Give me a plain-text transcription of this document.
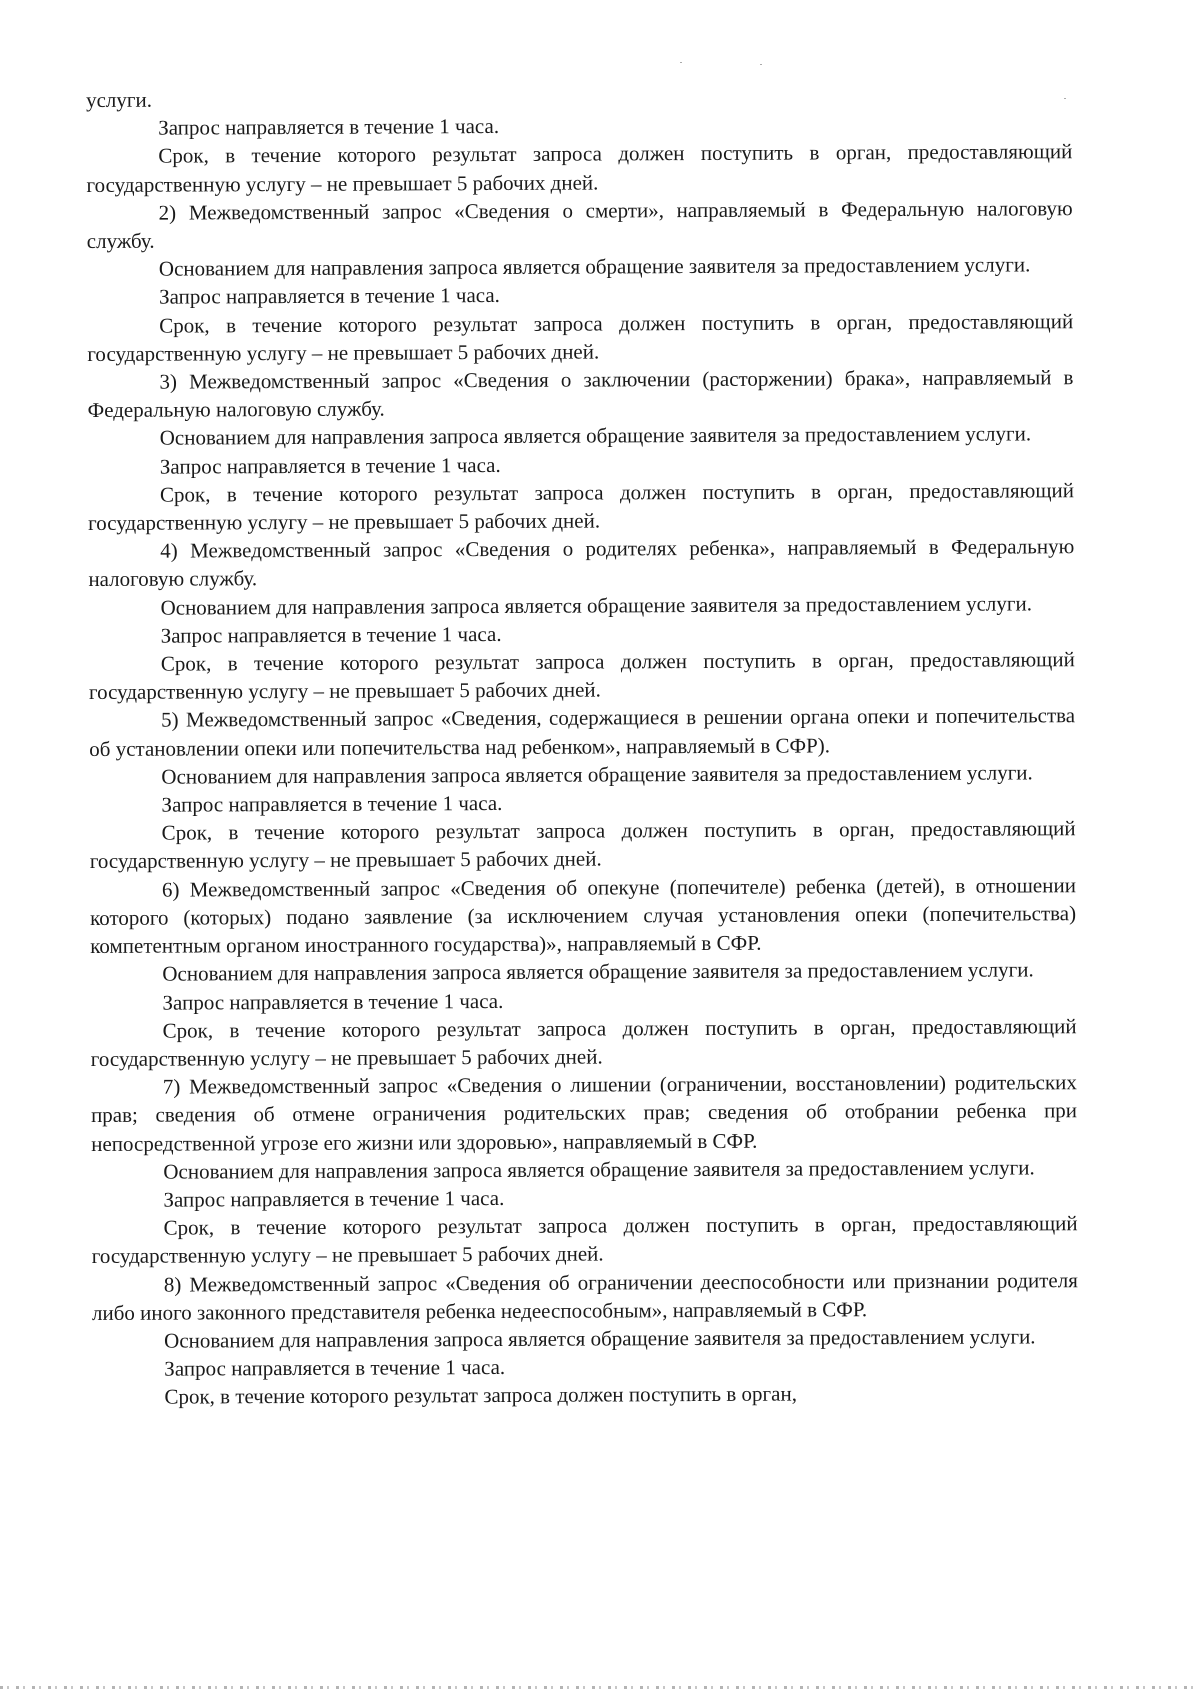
услуги.

Запрос направляется в течение 1 часа.

Срок, в течение которого результат запроса должен поступить в орган, предоставляющий государственную услугу – не превышает 5 рабочих дней.

2) Межведомственный запрос «Сведения о смерти», направляемый в Федеральную налоговую службу.

Основанием для направления запроса является обращение заявителя за предоставлением услуги.

Запрос направляется в течение 1 часа.

Срок, в течение которого результат запроса должен поступить в орган, предоставляющий государственную услугу – не превышает 5 рабочих дней.

3) Межведомственный запрос «Сведения о заключении (расторжении) брака», направляемый в Федеральную налоговую службу.

Основанием для направления запроса является обращение заявителя за предоставлением услуги.

Запрос направляется в течение 1 часа.

Срок, в течение которого результат запроса должен поступить в орган, предоставляющий государственную услугу – не превышает 5 рабочих дней.

4) Межведомственный запрос «Сведения о родителях ребенка», направляемый в Федеральную налоговую службу.

Основанием для направления запроса является обращение заявителя за предоставлением услуги.

Запрос направляется в течение 1 часа.

Срок, в течение которого результат запроса должен поступить в орган, предоставляющий государственную услугу – не превышает 5 рабочих дней.

5) Межведомственный запрос «Сведения, содержащиеся в решении органа опеки и попечительства об установлении опеки или попечительства над ребенком», направляемый в СФР).

Основанием для направления запроса является обращение заявителя за предоставлением услуги.

Запрос направляется в течение 1 часа.

Срок, в течение которого результат запроса должен поступить в орган, предоставляющий государственную услугу – не превышает 5 рабочих дней.

6) Межведомственный запрос «Сведения об опекуне (попечителе) ребенка (детей), в отношении которого (которых) подано заявление (за исключением случая установления опеки (попечительства) компетентным органом иностранного государства)», направляемый в СФР.

Основанием для направления запроса является обращение заявителя за предоставлением услуги.

Запрос направляется в течение 1 часа.

Срок, в течение которого результат запроса должен поступить в орган, предоставляющий государственную услугу – не превышает 5 рабочих дней.

7) Межведомственный запрос «Сведения о лишении (ограничении, восстановлении) родительских прав; сведения об отмене ограничения родительских прав; сведения об отобрании ребенка при непосредственной угрозе его жизни или здоровью», направляемый в СФР.

Основанием для направления запроса является обращение заявителя за предоставлением услуги.

Запрос направляется в течение 1 часа.

Срок, в течение которого результат запроса должен поступить в орган, предоставляющий государственную услугу – не превышает 5 рабочих дней.

8) Межведомственный запрос «Сведения об ограничении дееспособности или признании родителя либо иного законного представителя ребенка недееспособным», направляемый в СФР.

Основанием для направления запроса является обращение заявителя за предоставлением услуги.

Запрос направляется в течение 1 часа.

Срок, в течение которого результат запроса должен поступить в орган,
